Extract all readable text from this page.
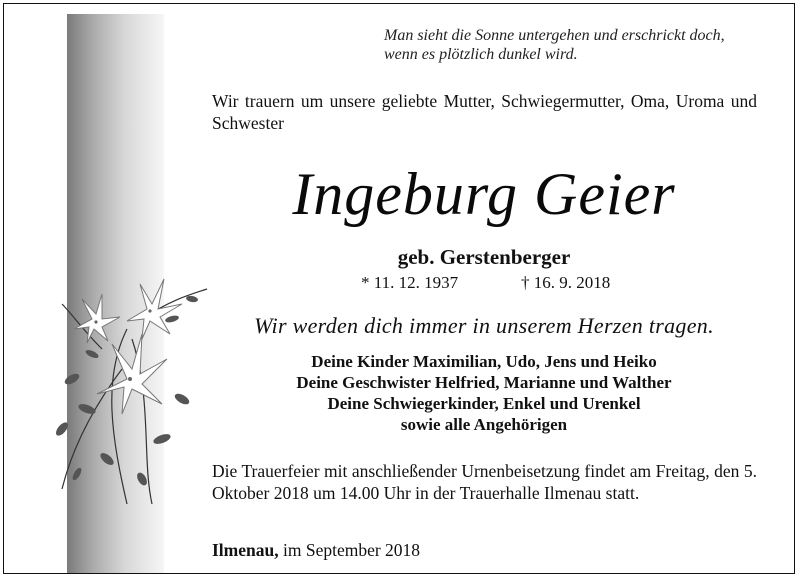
Man sieht die Sonne untergehen und erschrickt doch,
wenn es plötzlich dunkel wird.
Wir trauern um unsere geliebte Mutter, Schwiegermutter, Oma, Uroma und Schwester
Ingeburg Geier
geb. Gerstenberger
* 11. 12. 1937	† 16. 9. 2018
Wir werden dich immer in unserem Herzen tragen.
Deine Kinder Maximilian, Udo, Jens und Heiko
Deine Geschwister Helfried, Marianne und Walther
Deine Schwiegerkinder, Enkel und Urenkel
sowie alle Angehörigen
Die Trauerfeier mit anschließender Urnenbeisetzung findet am Freitag, den 5. Oktober 2018 um 14.00 Uhr in der Trauerhalle Ilmenau statt.
Ilmenau, im September 2018
